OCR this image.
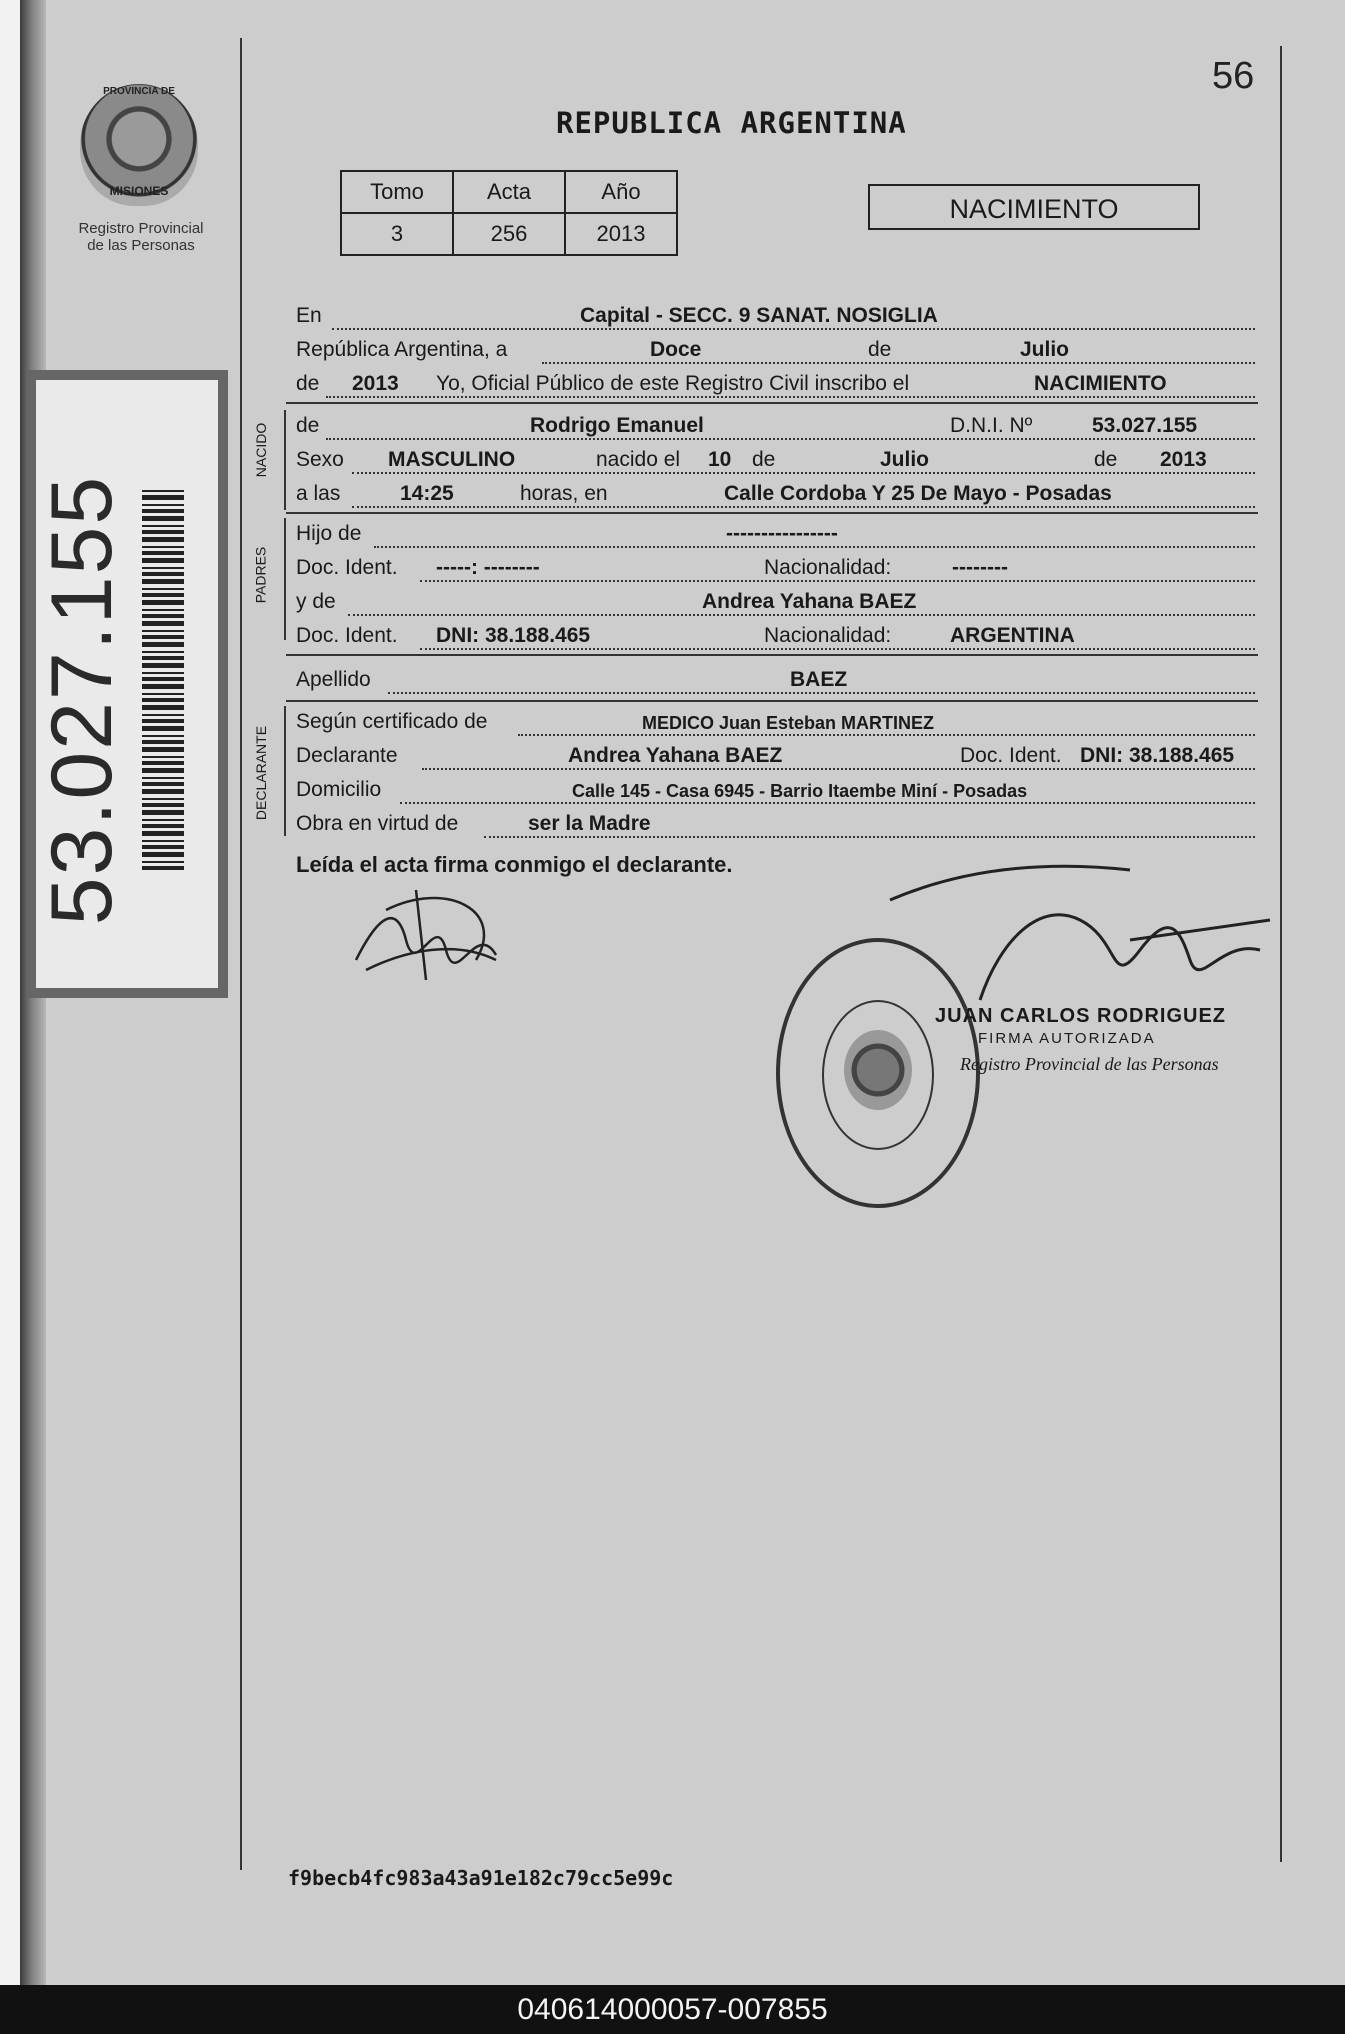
PROVINCIA DE
MISIONES
Registro Provincial
de las Personas
53.027.155
56
REPUBLICA ARGENTINA
Tomo	Acta	Año
3	256	2013
NACIMIENTO
NACIDO
PADRES
DECLARANTE
En	Capital - SECC. 9 SANAT. NOSIGLIA
República Argentina, a	Doce	de	Julio
de 2013 Yo, Oficial Público de este Registro Civil inscribo el	NACIMIENTO
de	Rodrigo Emanuel	D.N.I. Nº	53.027.155
Sexo MASCULINO	nacido el 10 de	Julio	de 2013
a las	14:25	horas, en	Calle Cordoba Y 25 De Mayo - Posadas
Hijo de	----------------
Doc. Ident. -----: --------	Nacionalidad:	--------
y de	Andrea Yahana BAEZ
Doc. Ident. DNI: 38.188.465	Nacionalidad:	ARGENTINA
Apellido	BAEZ
Según certificado de	MEDICO Juan Esteban MARTINEZ
Declarante	Andrea Yahana BAEZ	Doc. Ident. DNI: 38.188.465
Domicilio	Calle 145 - Casa 6945 - Barrio Itaembe Miní - Posadas
Obra en virtud de	ser la Madre
Leída el acta firma conmigo el declarante.
JUAN CARLOS RODRIGUEZ
FIRMA AUTORIZADA
Registro Provincial de las Personas
f9becb4fc983a43a91e182c79cc5e99c
040614000057-007855
